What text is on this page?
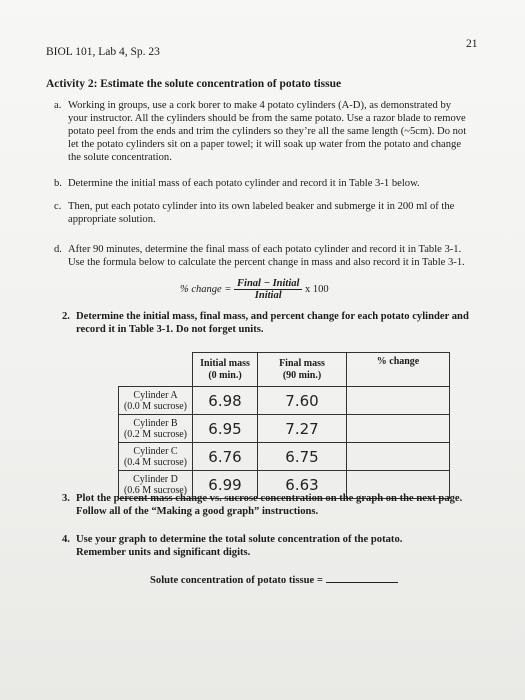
BIOL 101, Lab 4, Sp. 23
21
Activity 2: Estimate the solute concentration of potato tissue
a. Working in groups, use a cork borer to make 4 potato cylinders (A-D), as demonstrated by
your instructor. All the cylinders should be from the same potato. Use a razor blade to remove
potato peel from the ends and trim the cylinders so they’re all the same length (~5cm). Do not
let the potato cylinders sit on a paper towel; it will soak up water from the potato and change
the solute concentration.
b. Determine the initial mass of each potato cylinder and record it in Table 3-1 below.
c. Then, put each potato cylinder into its own labeled beaker and submerge it in 200 ml of the
appropriate solution.
d. After 90 minutes, determine the final mass of each potato cylinder and record it in Table 3-1.
Use the formula below to calculate the percent change in mass and also record it in Table 3-1.
% change = $\frac{\text{Final − Initial}}{\text{Initial}}$ x 100
2. Determine the initial mass, final mass, and percent change for each potato cylinder and
record it in Table 3-1. Do not forget units.
	Initial mass
(0 min.)	Final mass
(90 min.)	% change
Cylinder A
(0.0 M sucrose)	6.98	7.60	
Cylinder B
(0.2 M sucrose)	6.95	7.27	
Cylinder C
(0.4 M sucrose)	6.76	6.75	
Cylinder D
(0.6 M sucrose)	6.99	6.63	
3. Plot the percent mass change vs. sucrose concentration on the graph on the next page.
Follow all of the “Making a good graph” instructions.
4. Use your graph to determine the total solute concentration of the potato.
Remember units and significant digits.
Solute concentration of potato tissue =
